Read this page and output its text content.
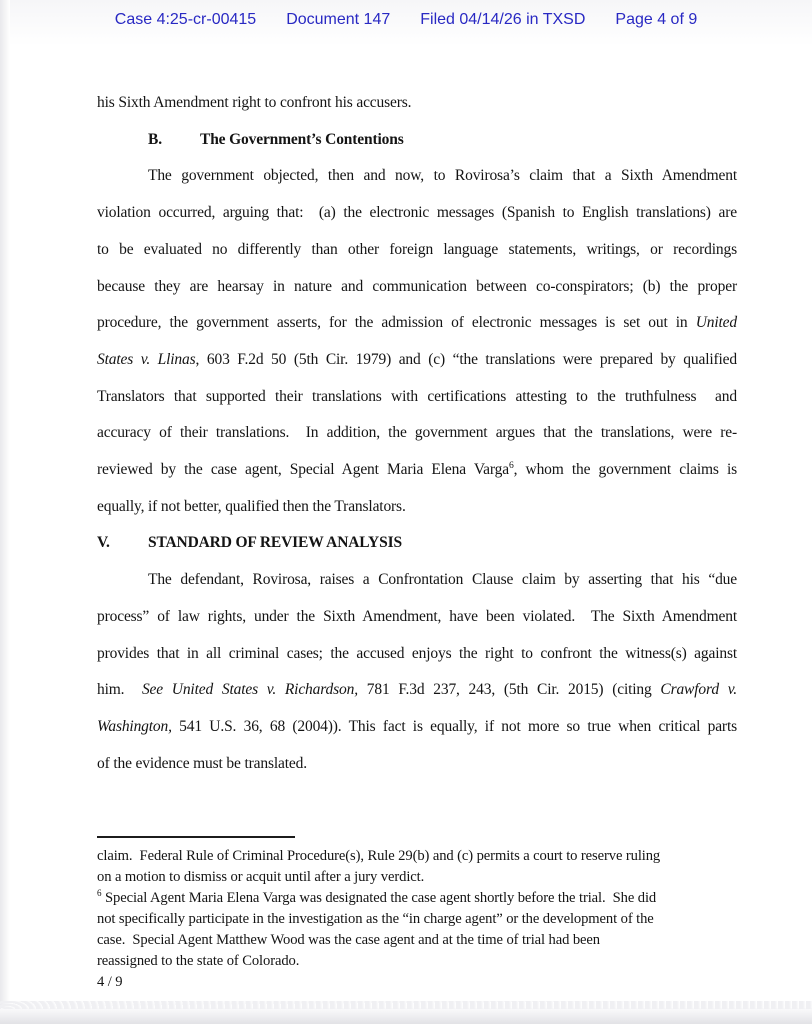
Case 4:25-cr-00415 Document 147 Filed 04/14/26 in TXSD Page 4 of 9
his Sixth Amendment right to confront his accusers.
B. The Government’s Contentions
The government objected, then and now, to Rovirosa’s claim that a Sixth Amendment
violation occurred, arguing that:  (a) the electronic messages (Spanish to English translations) are
to be evaluated no differently than other foreign language statements, writings, or recordings
because they are hearsay in nature and communication between co-conspirators; (b) the proper
procedure, the government asserts, for the admission of electronic messages is set out in United
States v. Llinas, 603 F.2d 50 (5th Cir. 1979) and (c) “the translations were prepared by qualified
Translators that supported their translations with certifications attesting to the truthfulness  and
accuracy of their translations.  In addition, the government argues that the translations, were re-
reviewed by the case agent, Special Agent Maria Elena Varga$^6$, whom the government claims is
equally, if not better, qualified then the Translators.
V. STANDARD OF REVIEW ANALYSIS
The defendant, Rovirosa, raises a Confrontation Clause claim by asserting that his “due
process” of law rights, under the Sixth Amendment, have been violated.  The Sixth Amendment
provides that in all criminal cases; the accused enjoys the right to confront the witness(s) against
him.  See United States v. Richardson, 781 F.3d 237, 243, (5th Cir. 2015) (citing Crawford v.
Washington, 541 U.S. 36, 68 (2004)). This fact is equally, if not more so true when critical parts
of the evidence must be translated.
claim.  Federal Rule of Criminal Procedure(s), Rule 29(b) and (c) permits a court to reserve ruling
on a motion to dismiss or acquit until after a jury verdict.
$^6$ Special Agent Maria Elena Varga was designated the case agent shortly before the trial.  She did
not specifically participate in the investigation as the “in charge agent” or the development of the
case.  Special Agent Matthew Wood was the case agent and at the time of trial had been
reassigned to the state of Colorado.
4 / 9
